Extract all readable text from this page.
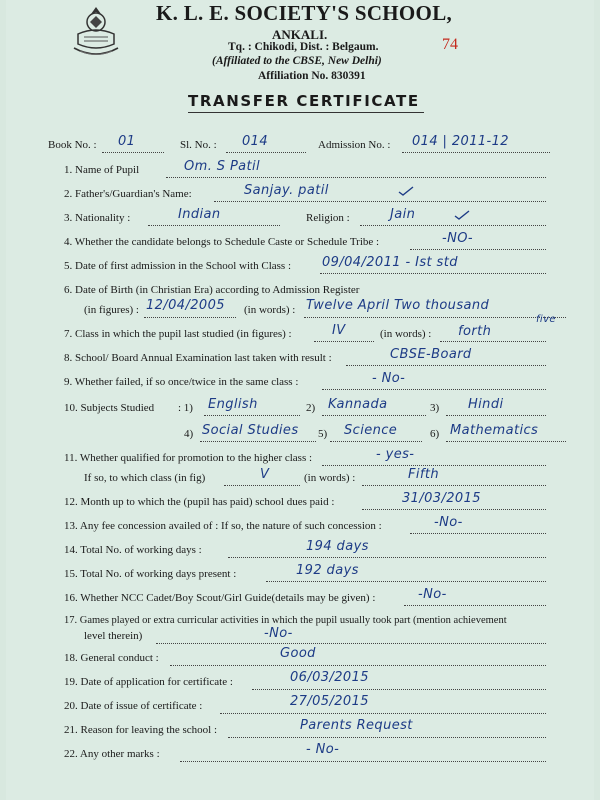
K. L. E. SOCIETY'S SCHOOL,
ANKALI.
Tq. : Chikodi, Dist. : Belgaum.
(Affiliated to the CBSE, New Delhi)
Affiliation No. 830391
74
TRANSFER CERTIFICATE
Book No. : 01	Sl. No. : 014	Admission No. : 014 | 2011-12
1. Name of Pupil	Om. S Patil
2. Father's/Guardian's Name:	Sanjay. patil
3. Nationality :	Indian	Religion :	Jain
4. Whether the candidate belongs to Schedule Caste or Schedule Tribe :	-NO-
5. Date of first admission in the School with Class : 09/04/2011 - Ist std
6. Date of Birth (in Christian Era) according to Admission Register
(in figures) : 12/04/2005 (in words) : Twelve April Two thousand
five
7. Class in which the pupil last studied (in figures) :	IV	(in words) : forth
8. School/ Board Annual Examination last taken with result :	CBSE-Board
9. Whether failed, if so once/twice in the same class :	- No-
10. Subjects Studied : 1) English	2) Kannada	3) Hindi
4) Social Studies 5) Science	6) Mathematics
11. Whether qualified for promotion to the higher class :	- yes-
If so, to which class (in fig)	V	(in words) :	Fifth
12. Month up to which the (pupil has paid) school dues paid :	31/03/2015
13. Any fee concession availed of : If so, the nature of such concession :	-No-
14. Total No. of working days :	194 days
15. Total No. of working days present :	192 days
16. Whether NCC Cadet/Boy Scout/Girl Guide(details may be given) :	-No-
17. Games played or extra curricular activities in which the pupil usually took part (mention achievement
level therein)	-No-
18. General conduct :	Good
19. Date of application for certificate :	06/03/2015
20. Date of issue of certificate :	27/05/2015
21. Reason for leaving the school :	Parents Request
22. Any other marks :	- No-
